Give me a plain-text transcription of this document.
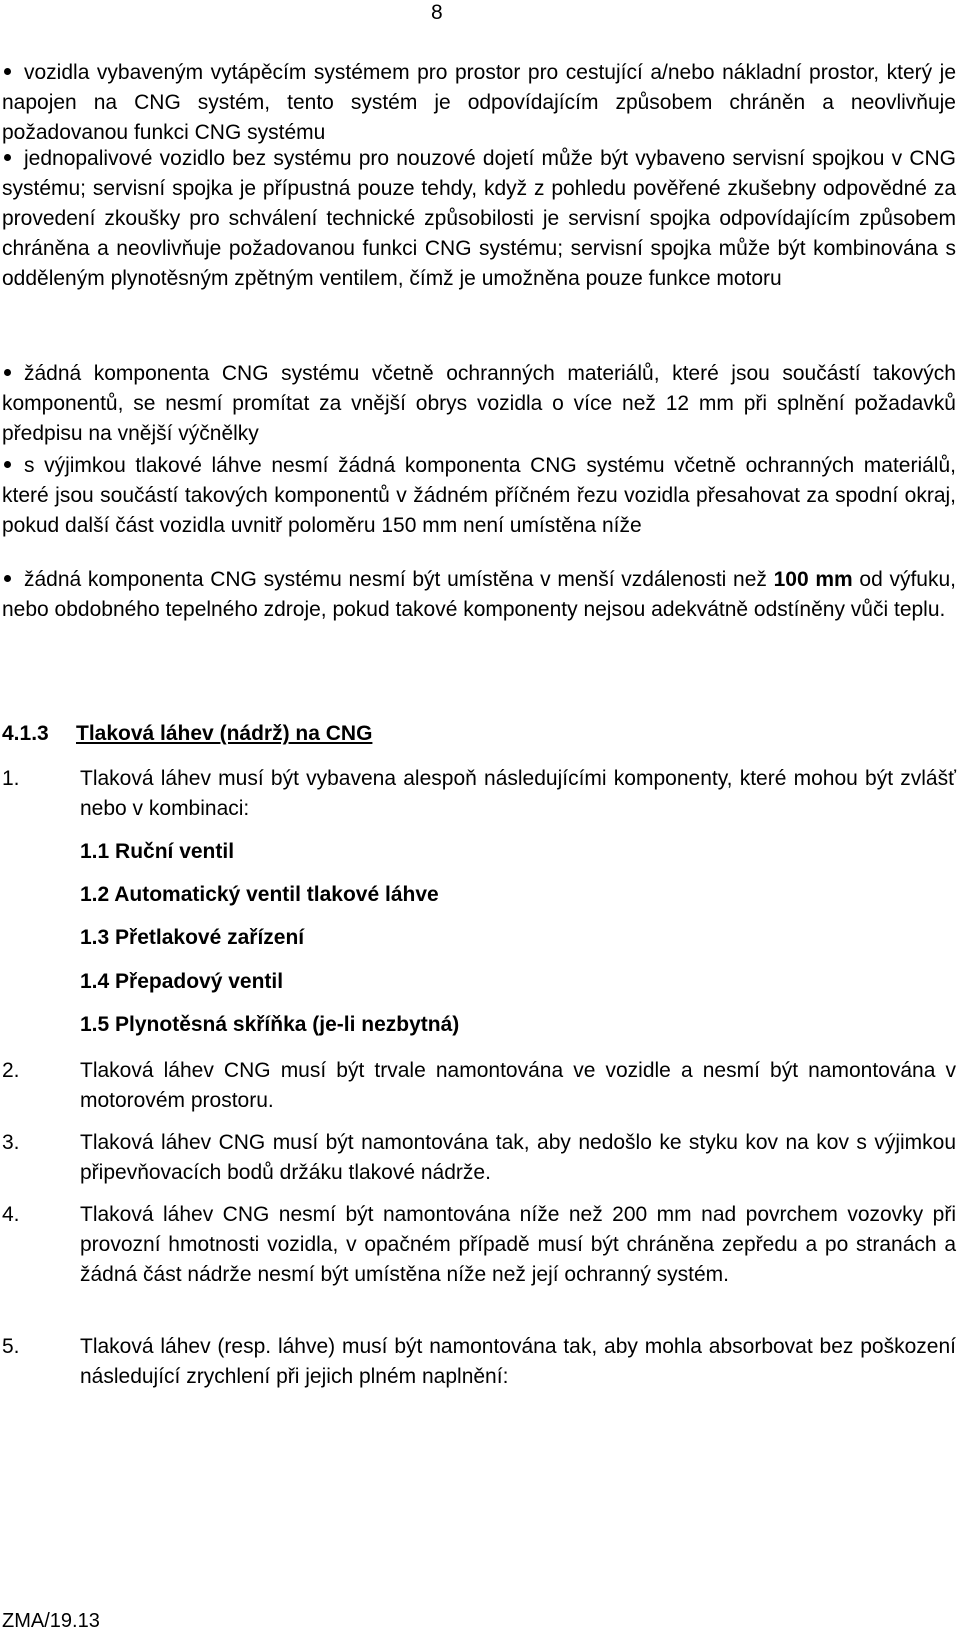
8
vozidla vybaveným vytápěcím systémem pro prostor pro cestující a/nebo nákladní prostor, který je napojen na CNG systém, tento systém je odpovídajícím způsobem chráněn a neovlivňuje požadovanou funkci CNG systému
jednopalivové vozidlo bez systému pro nouzové dojetí může být vybaveno servisní spojkou v CNG systému; servisní spojka je přípustná pouze tehdy, když z pohledu pověřené zkušebny odpovědné za provedení zkoušky pro schválení technické způsobilosti je servisní spojka odpovídajícím způsobem chráněna a neovlivňuje požadovanou funkci CNG systému; servisní spojka může být kombinována s odděleným plynotěsným zpětným ventilem, čímž je umožněna pouze funkce motoru
žádná komponenta CNG systému včetně ochranných materiálů, které jsou součástí takových komponentů, se nesmí promítat za vnější obrys vozidla o více než 12 mm při splnění požadavků předpisu na vnější výčnělky
s výjimkou tlakové láhve nesmí žádná komponenta CNG systému včetně ochranných materiálů, které jsou součástí takových komponentů v žádném příčném řezu vozidla přesahovat za spodní okraj, pokud další část vozidla uvnitř poloměru 150 mm není umístěna níže
žádná komponenta CNG systému nesmí být umístěna v menší vzdálenosti než 100 mm od výfuku, nebo obdobného tepelného zdroje, pokud takové komponenty nejsou adekvátně odstíněny vůči teplu.
4.1.3 Tlaková láhev (nádrž) na CNG
1.	Tlaková láhev musí být vybavena alespoň následujícími komponenty, které mohou být zvlášť nebo v kombinaci:
1.1 Ruční ventil
1.2 Automatický ventil tlakové láhve
1.3 Přetlakové zařízení
1.4 Přepadový ventil
1.5 Plynotěsná skříňka (je-li nezbytná)
2.	Tlaková láhev CNG musí být trvale namontována ve vozidle a nesmí být namontována v motorovém prostoru.
3.	Tlaková láhev CNG musí být namontována tak, aby nedošlo ke styku kov na kov s výjimkou připevňovacích bodů držáku tlakové nádrže.
4.	Tlaková láhev CNG nesmí být namontována níže než 200 mm nad povrchem vozovky při provozní hmotnosti vozidla, v opačném případě musí být chráněna zepředu a po stranách a žádná část nádrže nesmí být umístěna níže než její ochranný systém.
5.	Tlaková láhev (resp. láhve) musí být namontována tak, aby mohla absorbovat bez poškození následující zrychlení při jejich plném naplnění:
ZMA/19.13
